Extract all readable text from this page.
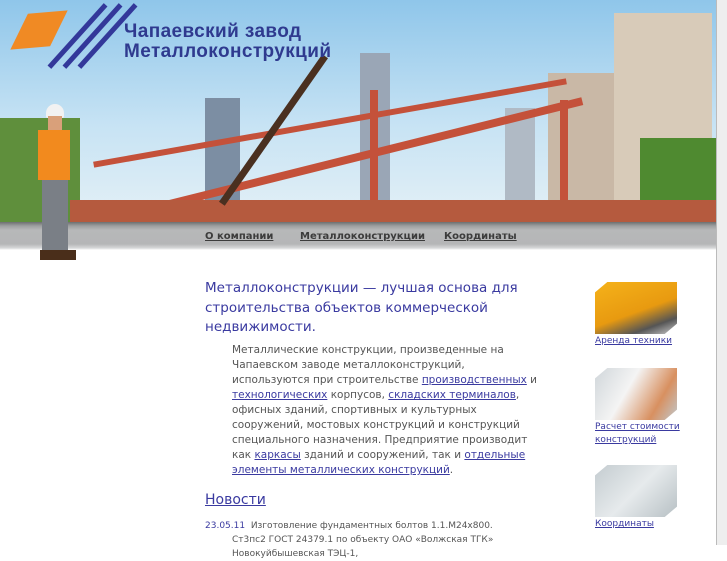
Чапаевский завод
Металлоконструкций
О компании	Металлоконструкции Координаты
Металлоконструкции — лучшая основа для строительства объектов коммерческой недвижимости.
Металлические конструкции, произведенные на Чапаевском заводе металлоконструкций, используются при строительстве производственных и технологических корпусов, складских терминалов, офисных зданий, спортивных и культурных сооружений, мостовых конструкций и конструкций специального назначения. Предприятие производит как каркасы зданий и сооружений, так и отдельные элементы металлических конструкций.
Новости
23.05.11 Изготовление фундаментных болтов 1.1.М24х800. Ст3пс2 ГОСТ 24379.1 по объекту ОАО «Волжская ТГК» Новокуйбышевская ТЭЦ-1,
Аренда техники
Расчет стоимости конструкций
Координаты
